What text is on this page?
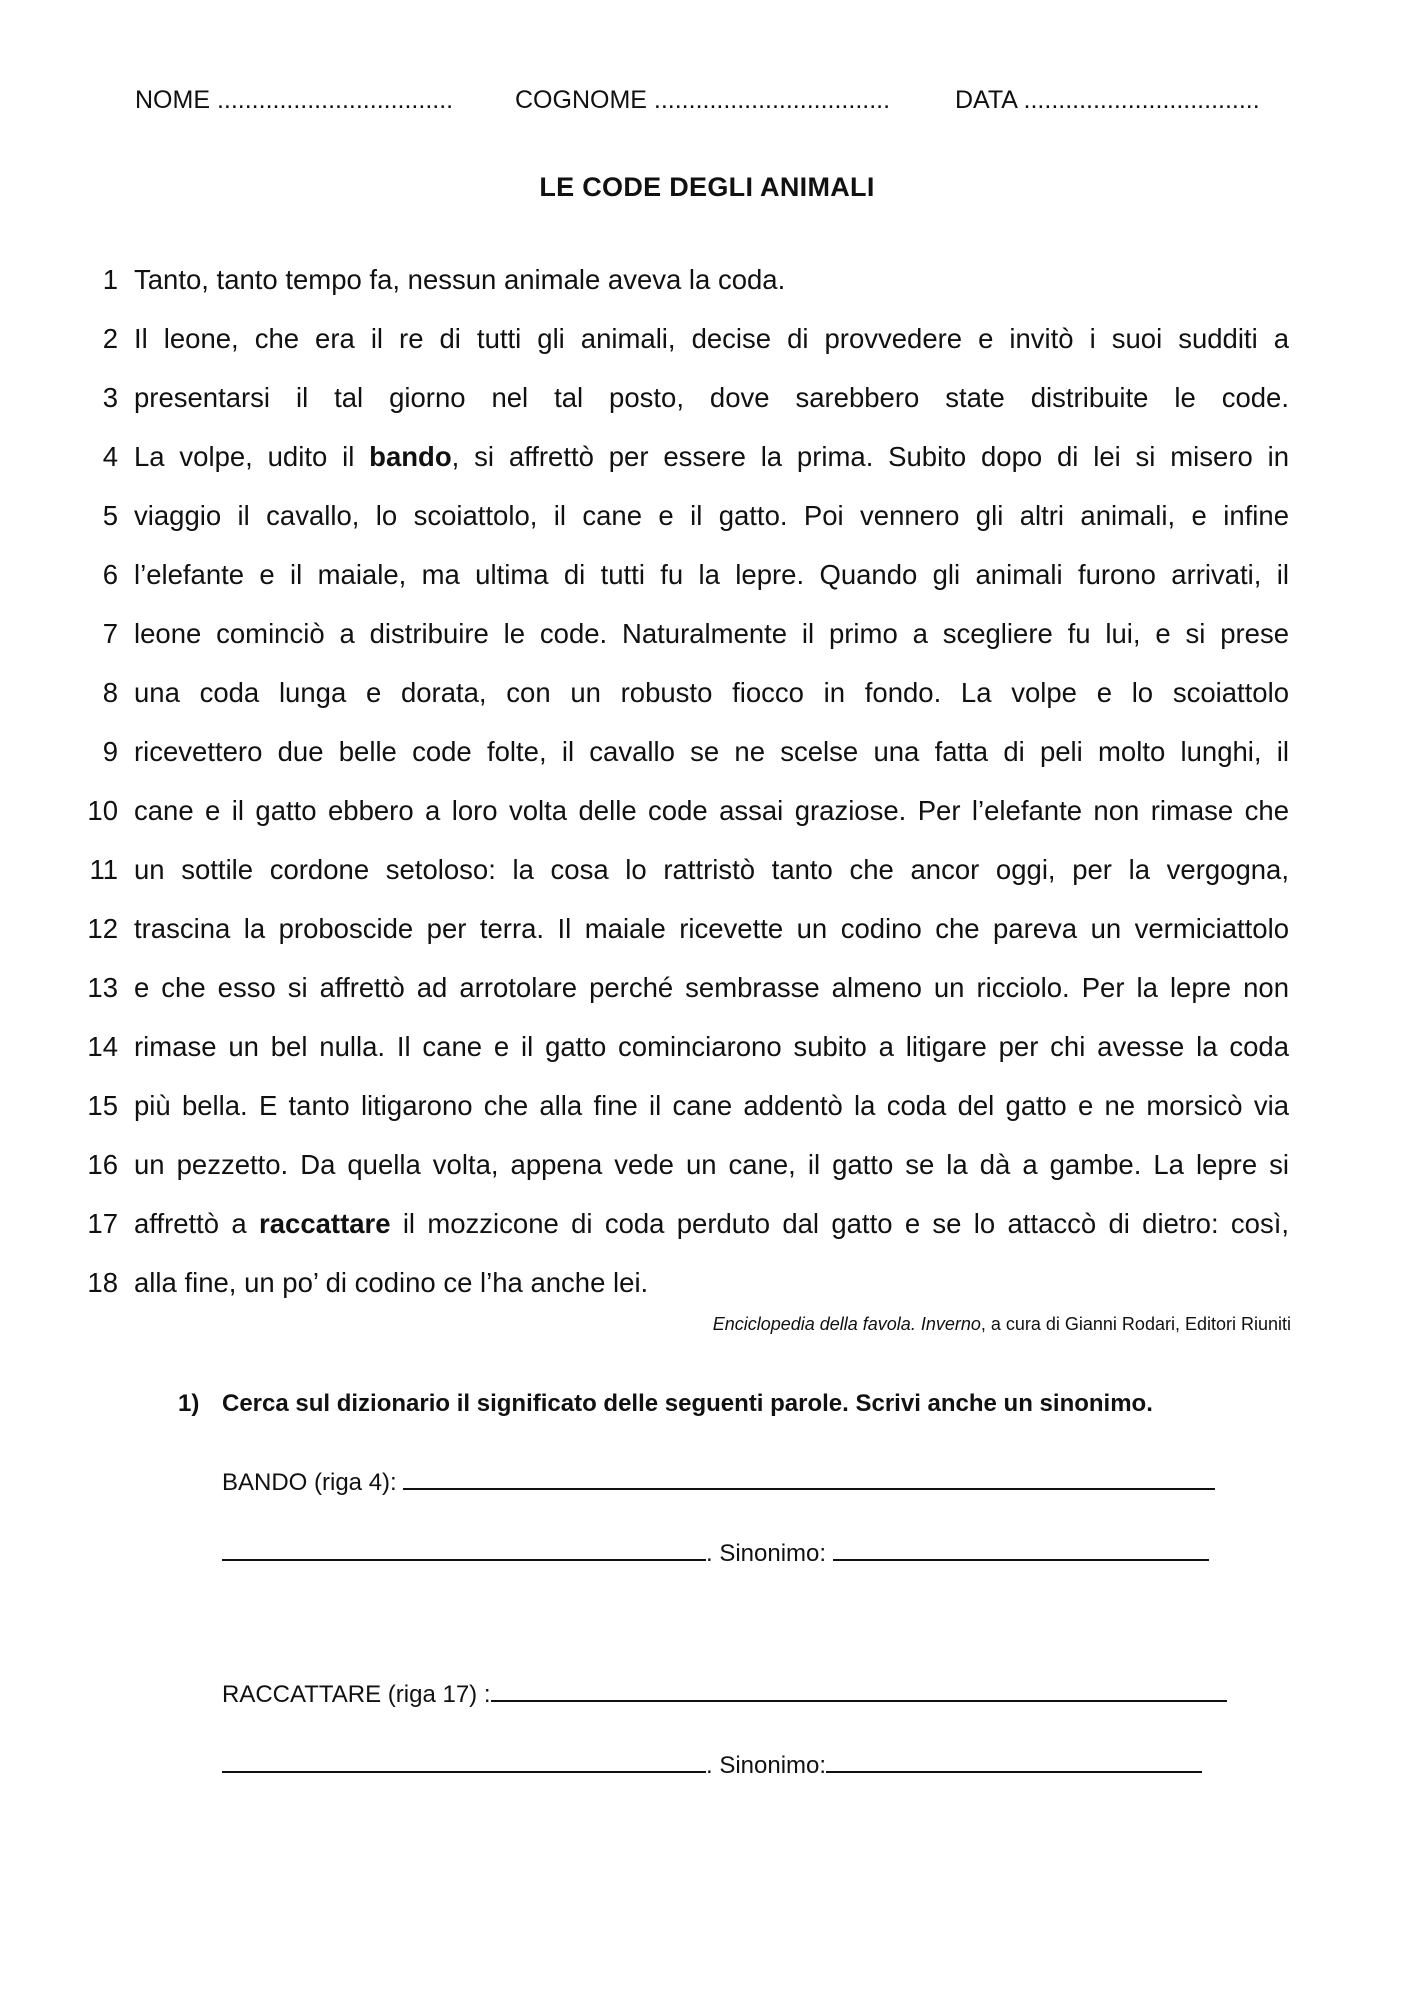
NOME .................................. COGNOME ..................................	DATA ..................................
LE CODE DEGLI ANIMALI
1 Tanto, tanto tempo fa, nessun animale aveva la coda.
2 Il leone, che era il re di tutti gli animali, decise di provvedere e invitò i suoi sudditi a
3 presentarsi il tal giorno nel tal posto, dove sarebbero state distribuite le code.
4 La volpe, udito il bando, si affrettò per essere la prima. Subito dopo di lei si misero in
5 viaggio il cavallo, lo scoiattolo, il cane e il gatto. Poi vennero gli altri animali, e infine
6 l’elefante e il maiale, ma ultima di tutti fu la lepre. Quando gli animali furono arrivati, il
7 leone cominciò a distribuire le code. Naturalmente il primo a scegliere fu lui, e si prese
8 una coda lunga e dorata, con un robusto fiocco in fondo. La volpe e lo scoiattolo
9 ricevettero due belle code folte, il cavallo se ne scelse una fatta di peli molto lunghi, il
10 cane e il gatto ebbero a loro volta delle code assai graziose. Per l’elefante non rimase che
11 un sottile cordone setoloso: la cosa lo rattristò tanto che ancor oggi, per la vergogna,
12 trascina la proboscide per terra. Il maiale ricevette un codino che pareva un vermiciattolo
13 e che esso si affrettò ad arrotolare perché sembrasse almeno un ricciolo. Per la lepre non
14 rimase un bel nulla. Il cane e il gatto cominciarono subito a litigare per chi avesse la coda
15 più bella. E tanto litigarono che alla fine il cane addentò la coda del gatto e ne morsicò via
16 un pezzetto. Da quella volta, appena vede un cane, il gatto se la dà a gambe. La lepre si
17 affrettò a raccattare il mozzicone di coda perduto dal gatto e se lo attaccò di dietro: così,
18 alla fine, un po’ di codino ce l’ha anche lei.
Enciclopedia della favola. Inverno, a cura di Gianni Rodari, Editori Riuniti
1) Cerca sul dizionario il significato delle seguenti parole. Scrivi anche un sinonimo.
BANDO (riga 4):
. Sinonimo:
RACCATTARE (riga 17) :
. Sinonimo:
